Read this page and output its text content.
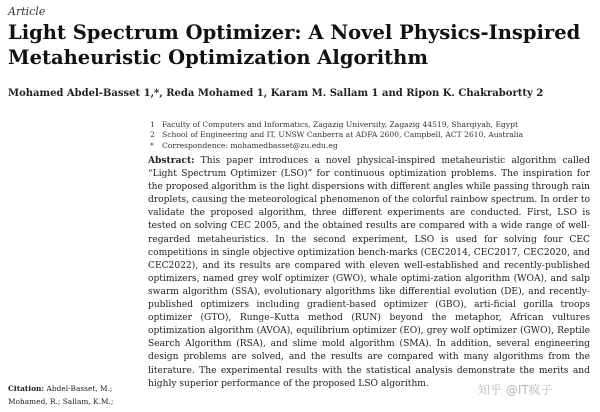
Article
Light Spectrum Optimizer: A Novel Physics-Inspired Metaheuristic Optimization Algorithm
Mohamed Abdel-Basset 1,*, Reda Mohamed 1, Karam M. Sallam 1 and Ripon K. Chakrabortty 2
1 Faculty of Computers and Informatics, Zagazig University, Zagazig 44519, Sharqiyah, Egypt
2 School of Engineering and IT, UNSW Canberra at ADFA 2600, Campbell, ACT 2610, Australia
*	Correspondence: mohamedbasset@zu.edu.eg
Abstract: This paper introduces a novel physical-inspired metaheuristic algorithm called “Light Spectrum Optimizer (LSO)” for continuous optimization problems. The inspiration for the proposed algorithm is the light dispersions with different angles while passing through rain droplets, causing the meteorological phenomenon of the colorful rainbow spectrum. In order to validate the proposed algorithm, three different experiments are conducted. First, LSO is tested on solving CEC 2005, and the obtained results are compared with a wide range of well-regarded metaheuristics. In the second experiment, LSO is used for solving four CEC competitions in single objective optimization bench-marks (CEC2014, CEC2017, CEC2020, and CEC2022), and its results are compared with eleven well-established and recently-published optimizers, named grey wolf optimizer (GWO), whale optimi-zation algorithm (WOA), and salp swarm algorithm (SSA), evolutionary algorithms like differential evolution (DE), and recently-published optimizers including gradient-based optimizer (GBO), arti-ficial gorilla troops optimizer (GTO), Runge–Kutta method (RUN) beyond the metaphor, African vultures optimization algorithm (AVOA), equilibrium optimizer (EO), grey wolf optimizer (GWO), Reptile Search Algorithm (RSA), and slime mold algorithm (SMA). In addition, several engineering design problems are solved, and the results are compared with many algorithms from the literature. The experimental results with the statistical analysis demonstrate the merits and highly superior performance of the proposed LSO algorithm.
Citation: Abdel-Basset, M.;
Mohamed, R.; Sallam, K.M.;
知乎 @IT疯子
